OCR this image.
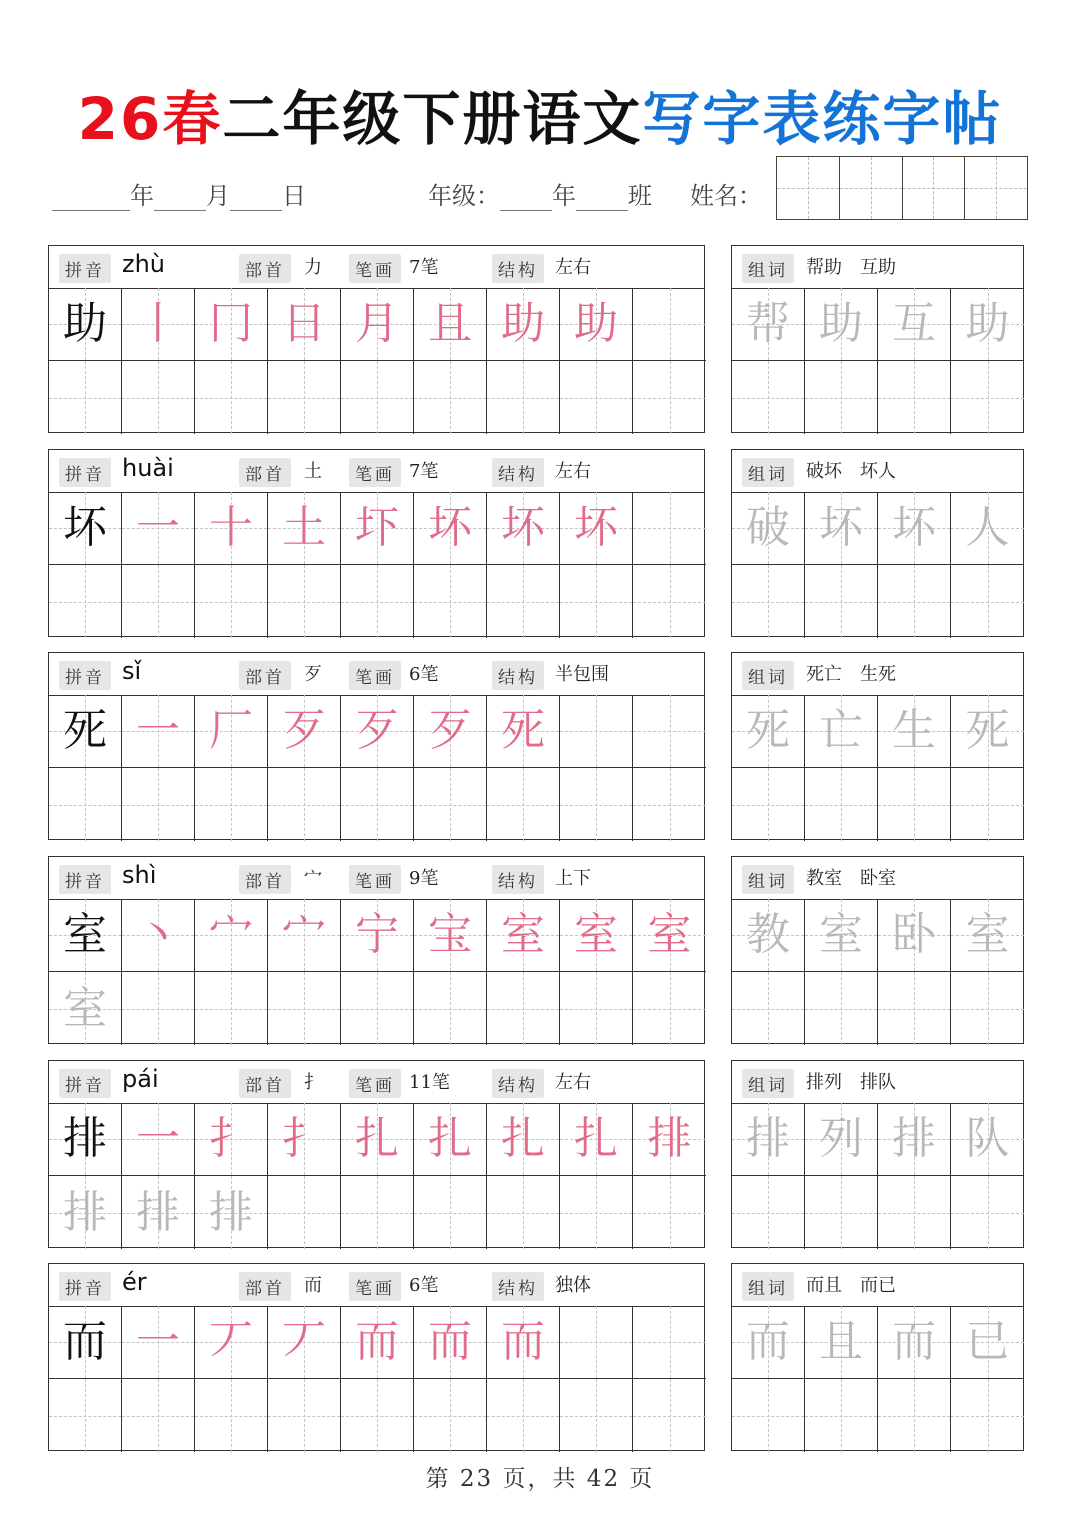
26春二年级下册语文写字表练字帖
年 月 日	年级： 年 班 姓名：
拼音 zhù	部首	力	笔画 7笔	结构 左右
助 丨 冂 日 月 且 助 助
组词	帮助　互助
帮 助 互 助
拼音 huài	部首	土	笔画 7笔	结构 左右
坏 一 十 土 圷 坏 坏 坏
组词	破坏　坏人
破 坏 坏 人
拼音 sǐ	部首	歹	笔画 6笔	结构 半包围
死 一 厂 歹 歹 歹 死
组词	死亡　生死
死 亡 生 死
拼音 shì	部首	宀	笔画 9笔	结构 上下
室 丶 宀 宀 宁 宝 室 室 室
室
组词	教室　卧室
教 室 卧 室
拼音 pái	部首	扌	笔画 11笔	结构 左右
排 一 扌 扌 扎 扎 扎 扎 排
排 排 排
组词	排列　排队
排 列 排 队
拼音 ér	部首	而	笔画 6笔	结构 独体
而 一 丆 丆 而 而 而
组词	而且　而已
而 且 而 已
第 23 页，共 42 页
